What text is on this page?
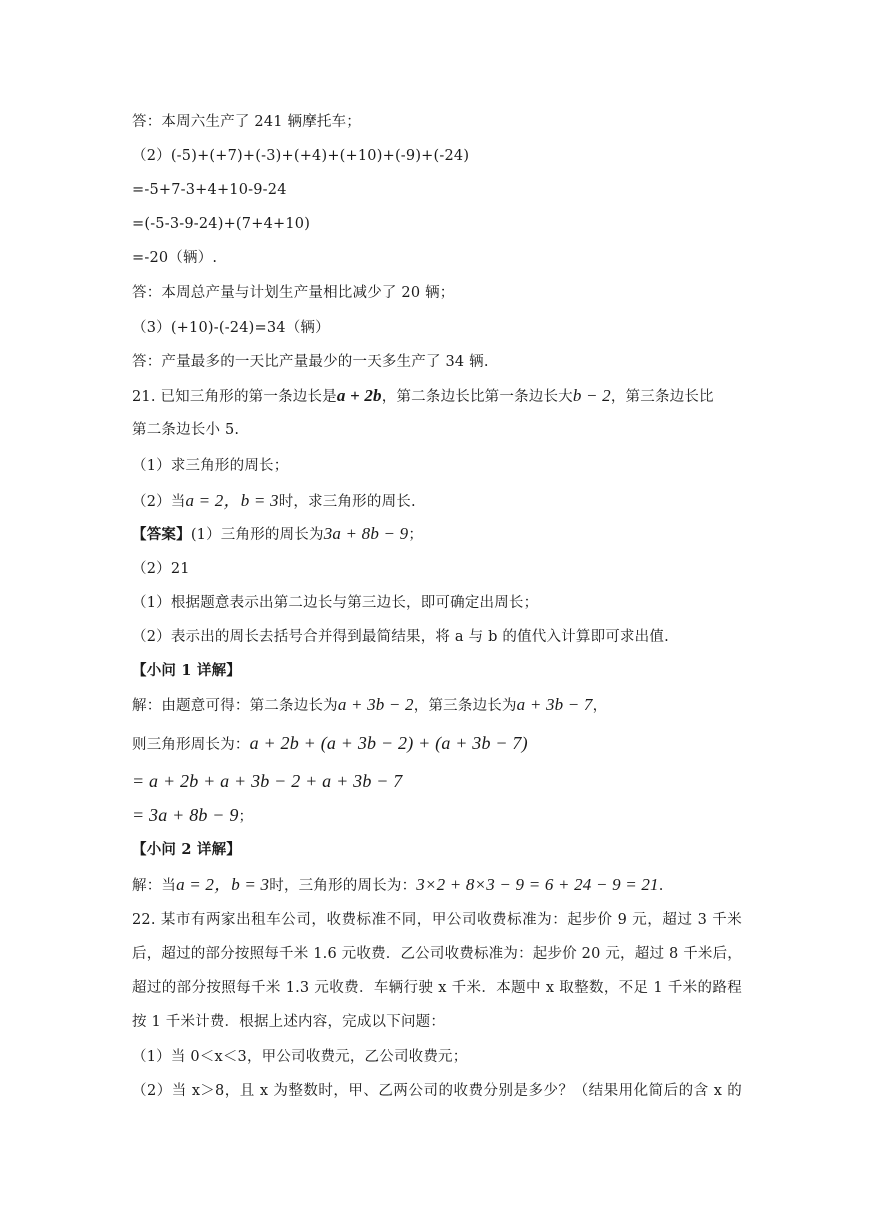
答：本周六生产了 241 辆摩托车；
（2）(-5)+(+7)+(-3)+(+4)+(+10)+(-9)+(-24)
=-5+7-3+4+10-9-24
=(-5-3-9-24)+(7+4+10)
=-20（辆）.
答：本周总产量与计划生产量相比减少了 20 辆；
（3）(+10)-(-24)=34（辆）
答：产量最多的一天比产量最少的一天多生产了 34 辆.
21. 已知三角形的第一条边长是a + 2b，第二条边长比第一条边长大b − 2，第三条边长比
第二条边长小 5.
（1）求三角形的周长；
（2）当a = 2，b = 3时，求三角形的周长.
【答案】(1）三角形的周长为3a + 8b − 9；
（2）21
（1）根据题意表示出第二边长与第三边长，即可确定出周长；
（2）表示出的周长去括号合并得到最简结果，将 a 与 b 的值代入计算即可求出值.
【小问 1 详解】
解：由题意可得：第二条边长为a + 3b − 2，第三条边长为a + 3b − 7，
则三角形周长为：a + 2b + (a + 3b − 2) + (a + 3b − 7)
= a + 2b + a + 3b − 2 + a + 3b − 7
= 3a + 8b − 9；
【小问 2 详解】
解：当a = 2，b = 3时，三角形的周长为：3×2 + 8×3 − 9 = 6 + 24 − 9 = 21.
22. 某市有两家出租车公司，收费标准不同，甲公司收费标准为：起步价 9 元，超过 3 千米
后，超过的部分按照每千米 1.6 元收费．乙公司收费标准为：起步价 20 元，超过 8 千米后，
超过的部分按照每千米 1.3 元收费．车辆行驶 x 千米．本题中 x 取整数，不足 1 千米的路程
按 1 千米计费．根据上述内容，完成以下问题：
（1）当 0＜x＜3，甲公司收费元，乙公司收费元；
（2）当 x＞8，且 x 为整数时，甲、乙两公司的收费分别是多少？（结果用化简后的含 x 的
